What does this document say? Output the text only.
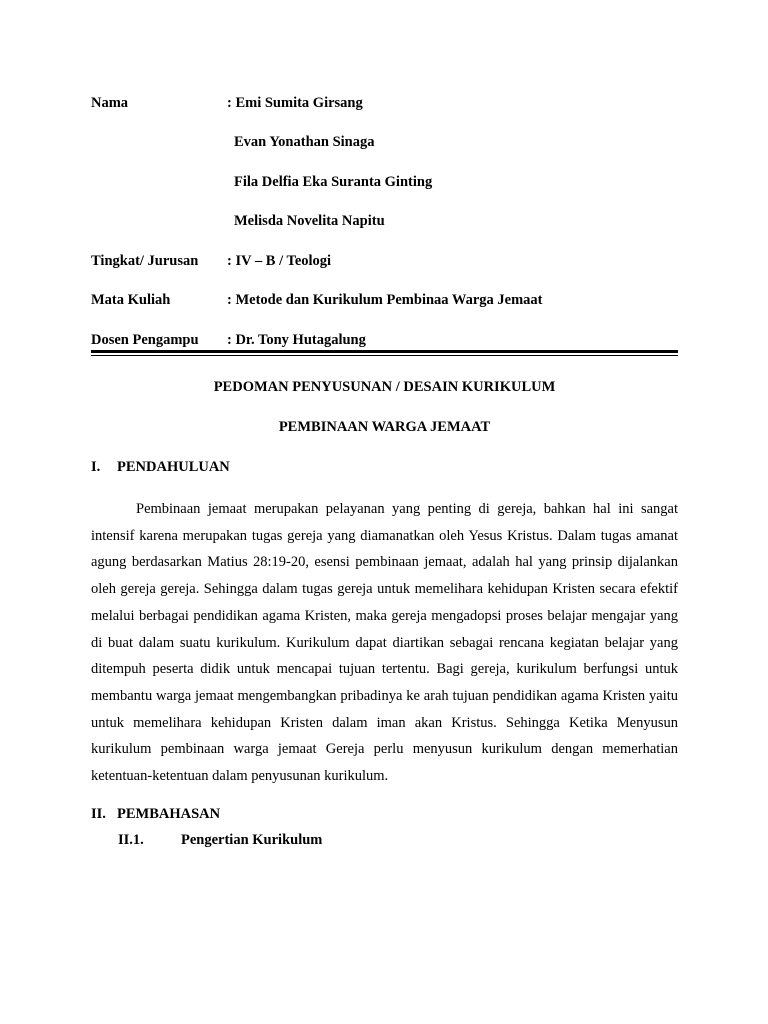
Nama	: Emi Sumita Girsang
Evan Yonathan Sinaga
Fila Delfia Eka Suranta Ginting
Melisda Novelita Napitu
Tingkat/ Jurusan : IV – B / Teologi
Mata Kuliah	: Metode dan Kurikulum Pembinaa Warga Jemaat
Dosen Pengampu : Dr. Tony Hutagalung
PEDOMAN PENYUSUNAN / DESAIN KURIKULUM
PEMBINAAN WARGA JEMAAT
I. PENDAHULUAN
Pembinaan jemaat merupakan pelayanan yang penting di gereja, bahkan hal ini sangat intensif karena merupakan tugas gereja yang diamanatkan oleh Yesus Kristus. Dalam tugas amanat agung berdasarkan Matius 28:19-20, esensi pembinaan jemaat, adalah hal yang prinsip dijalankan oleh gereja gereja. Sehingga dalam tugas gereja untuk memelihara kehidupan Kristen secara efektif melalui berbagai pendidikan agama Kristen, maka gereja mengadopsi proses belajar mengajar yang di buat dalam suatu kurikulum. Kurikulum dapat diartikan sebagai rencana kegiatan belajar yang ditempuh peserta didik untuk mencapai tujuan tertentu. Bagi gereja, kurikulum berfungsi untuk membantu warga jemaat mengembangkan pribadinya ke arah tujuan pendidikan agama Kristen yaitu untuk memelihara kehidupan Kristen dalam iman akan Kristus. Sehingga Ketika Menyusun kurikulum pembinaan warga jemaat Gereja perlu menyusun kurikulum dengan memerhatian ketentuan-ketentuan dalam penyusunan kurikulum.
II. PEMBAHASAN
II.1.	Pengertian Kurikulum
